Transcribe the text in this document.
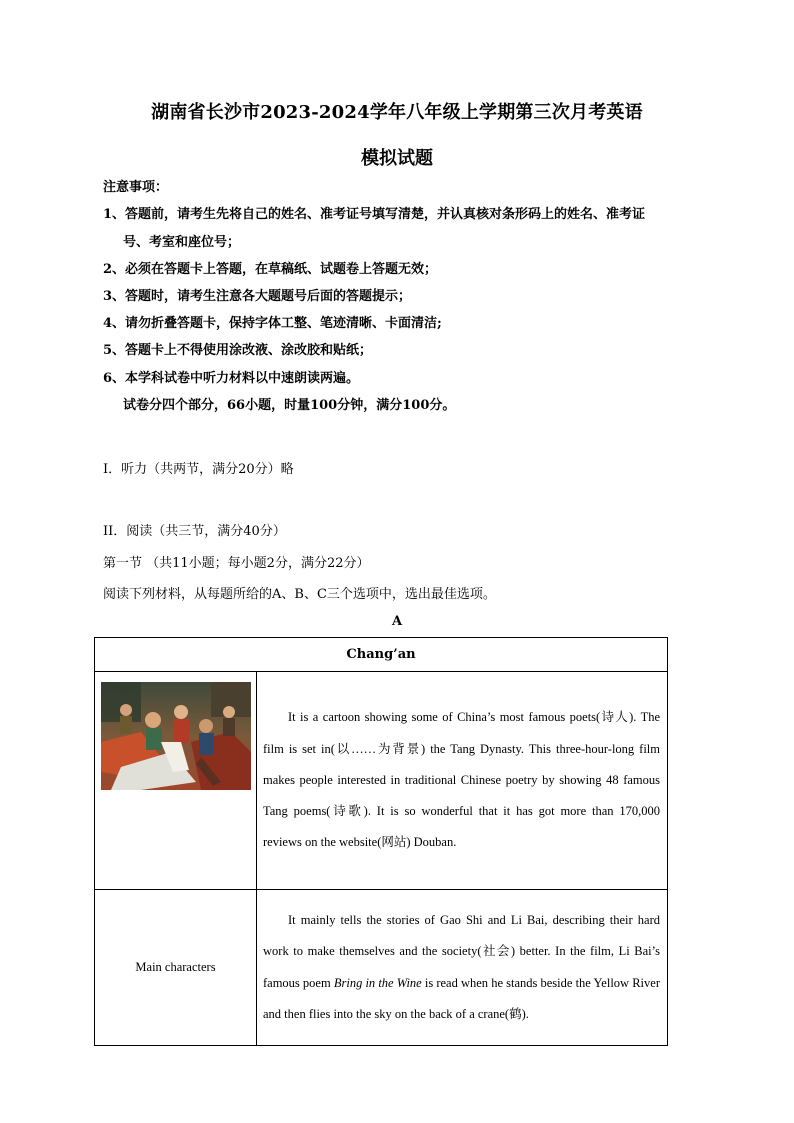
湖南省长沙市2023-2024学年八年级上学期第三次月考英语
模拟试题
注意事项：
1、答题前，请考生先将自己的姓名、准考证号填写清楚，并认真核对条形码上的姓名、准考证
号、考室和座位号；
2、必须在答题卡上答题，在草稿纸、试题卷上答题无效；
3、答题时，请考生注意各大题题号后面的答题提示；
4、请勿折叠答题卡，保持字体工整、笔迹清晰、卡面清洁;
5、答题卡上不得使用涂改液、涂改胶和贴纸；
6、本学科试卷中听力材料以中速朗读两遍。
试卷分四个部分，66小题，时量100分钟，满分100分。
I．听力（共两节，满分20分）略
II．阅读（共三节，满分40分）
第一节 （共11小题；每小题2分，满分22分）
阅读下列材料，从每题所给的A、B、C三个选项中，选出最佳选项。
A
Chang’an	

	It is a cartoon showing some of China’s most famous poets(诗人). The film is set in(以……为背景) the Tang Dynasty. This three-hour-long film makes people interested in traditional Chinese poetry by showing 48 famous Tang poems(诗歌). It is so wonderful that it has got more than 170,000 reviews on the website(网站) Douban.
Main characters	It mainly tells the stories of Gao Shi and Li Bai, describing their hard work to make themselves and the society(社会) better. In the film, Li Bai’s famous poem Bring in the Wine is read when he stands beside the Yellow River and then flies into the sky on the back of a crane(鹤).
